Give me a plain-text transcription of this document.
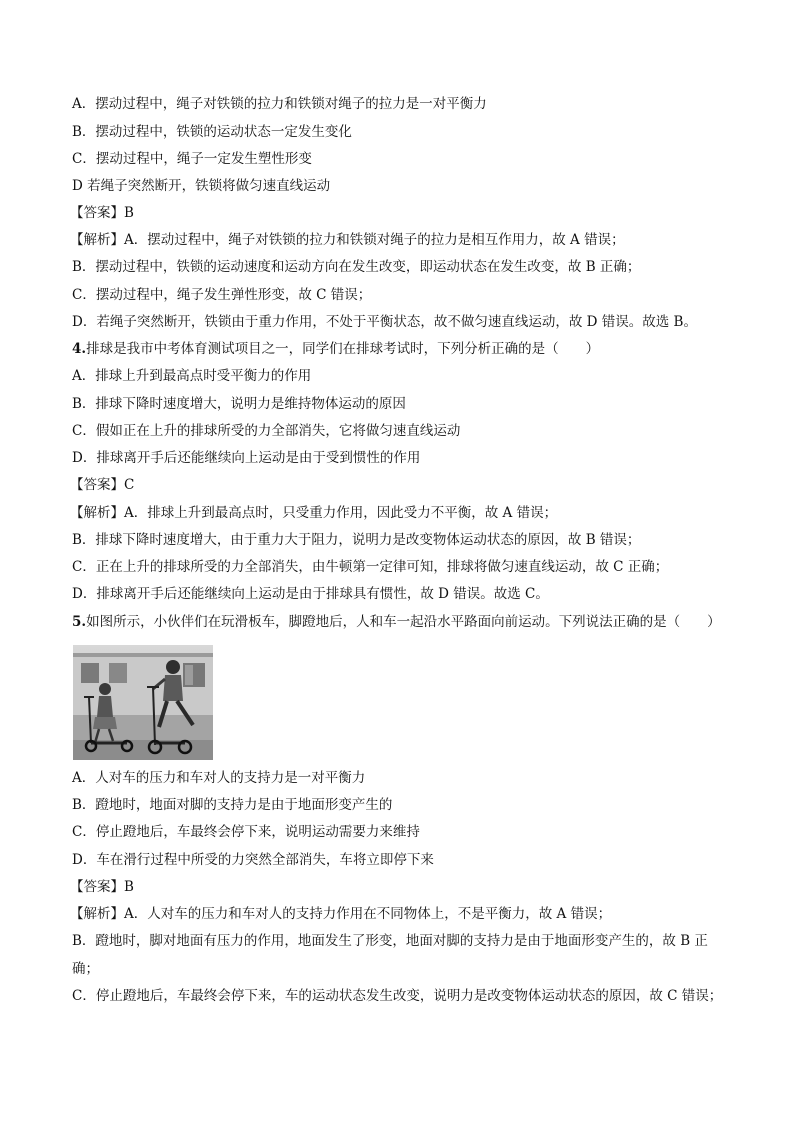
A．摆动过程中，绳子对铁锁的拉力和铁锁对绳子的拉力是一对平衡力
B．摆动过程中，铁锁的运动状态一定发生变化
C．摆动过程中，绳子一定发生塑性形变
D 若绳子突然断开，铁锁将做匀速直线运动
【答案】B
【解析】A．摆动过程中，绳子对铁锁的拉力和铁锁对绳子的拉力是相互作用力，故 A 错误；
B．摆动过程中，铁锁的运动速度和运动方向在发生改变，即运动状态在发生改变，故 B 正确；
C．摆动过程中，绳子发生弹性形变，故 C 错误；
D．若绳子突然断开，铁锁由于重力作用，不处于平衡状态，故不做匀速直线运动，故 D 错误。故选 B。
4.排球是我市中考体育测试项目之一，同学们在排球考试时，下列分析正确的是（　　）
A．排球上升到最高点时受平衡力的作用
B．排球下降时速度增大，说明力是维持物体运动的原因
C．假如正在上升的排球所受的力全部消失，它将做匀速直线运动
D．排球离开手后还能继续向上运动是由于受到惯性的作用
【答案】C
【解析】A．排球上升到最高点时，只受重力作用，因此受力不平衡，故 A 错误；
B．排球下降时速度增大，由于重力大于阻力，说明力是改变物体运动状态的原因，故 B 错误；
C．正在上升的排球所受的力全部消失，由牛顿第一定律可知，排球将做匀速直线运动，故 C 正确；
D．排球离开手后还能继续向上运动是由于排球具有惯性，故 D 错误。故选 C。
5.如图所示，小伙伴们在玩滑板车，脚蹬地后，人和车一起沿水平路面向前运动。下列说法正确的是（　　）
A．人对车的压力和车对人的支持力是一对平衡力
B．蹬地时，地面对脚的支持力是由于地面形变产生的
C．停止蹬地后，车最终会停下来，说明运动需要力来维持
D．车在滑行过程中所受的力突然全部消失，车将立即停下来
【答案】B
【解析】A．人对车的压力和车对人的支持力作用在不同物体上，不是平衡力，故 A 错误；
B．蹬地时，脚对地面有压力的作用，地面发生了形变，地面对脚的支持力是由于地面形变产生的，故 B 正
确；
C．停止蹬地后，车最终会停下来，车的运动状态发生改变，说明力是改变物体运动状态的原因，故 C 错误；
